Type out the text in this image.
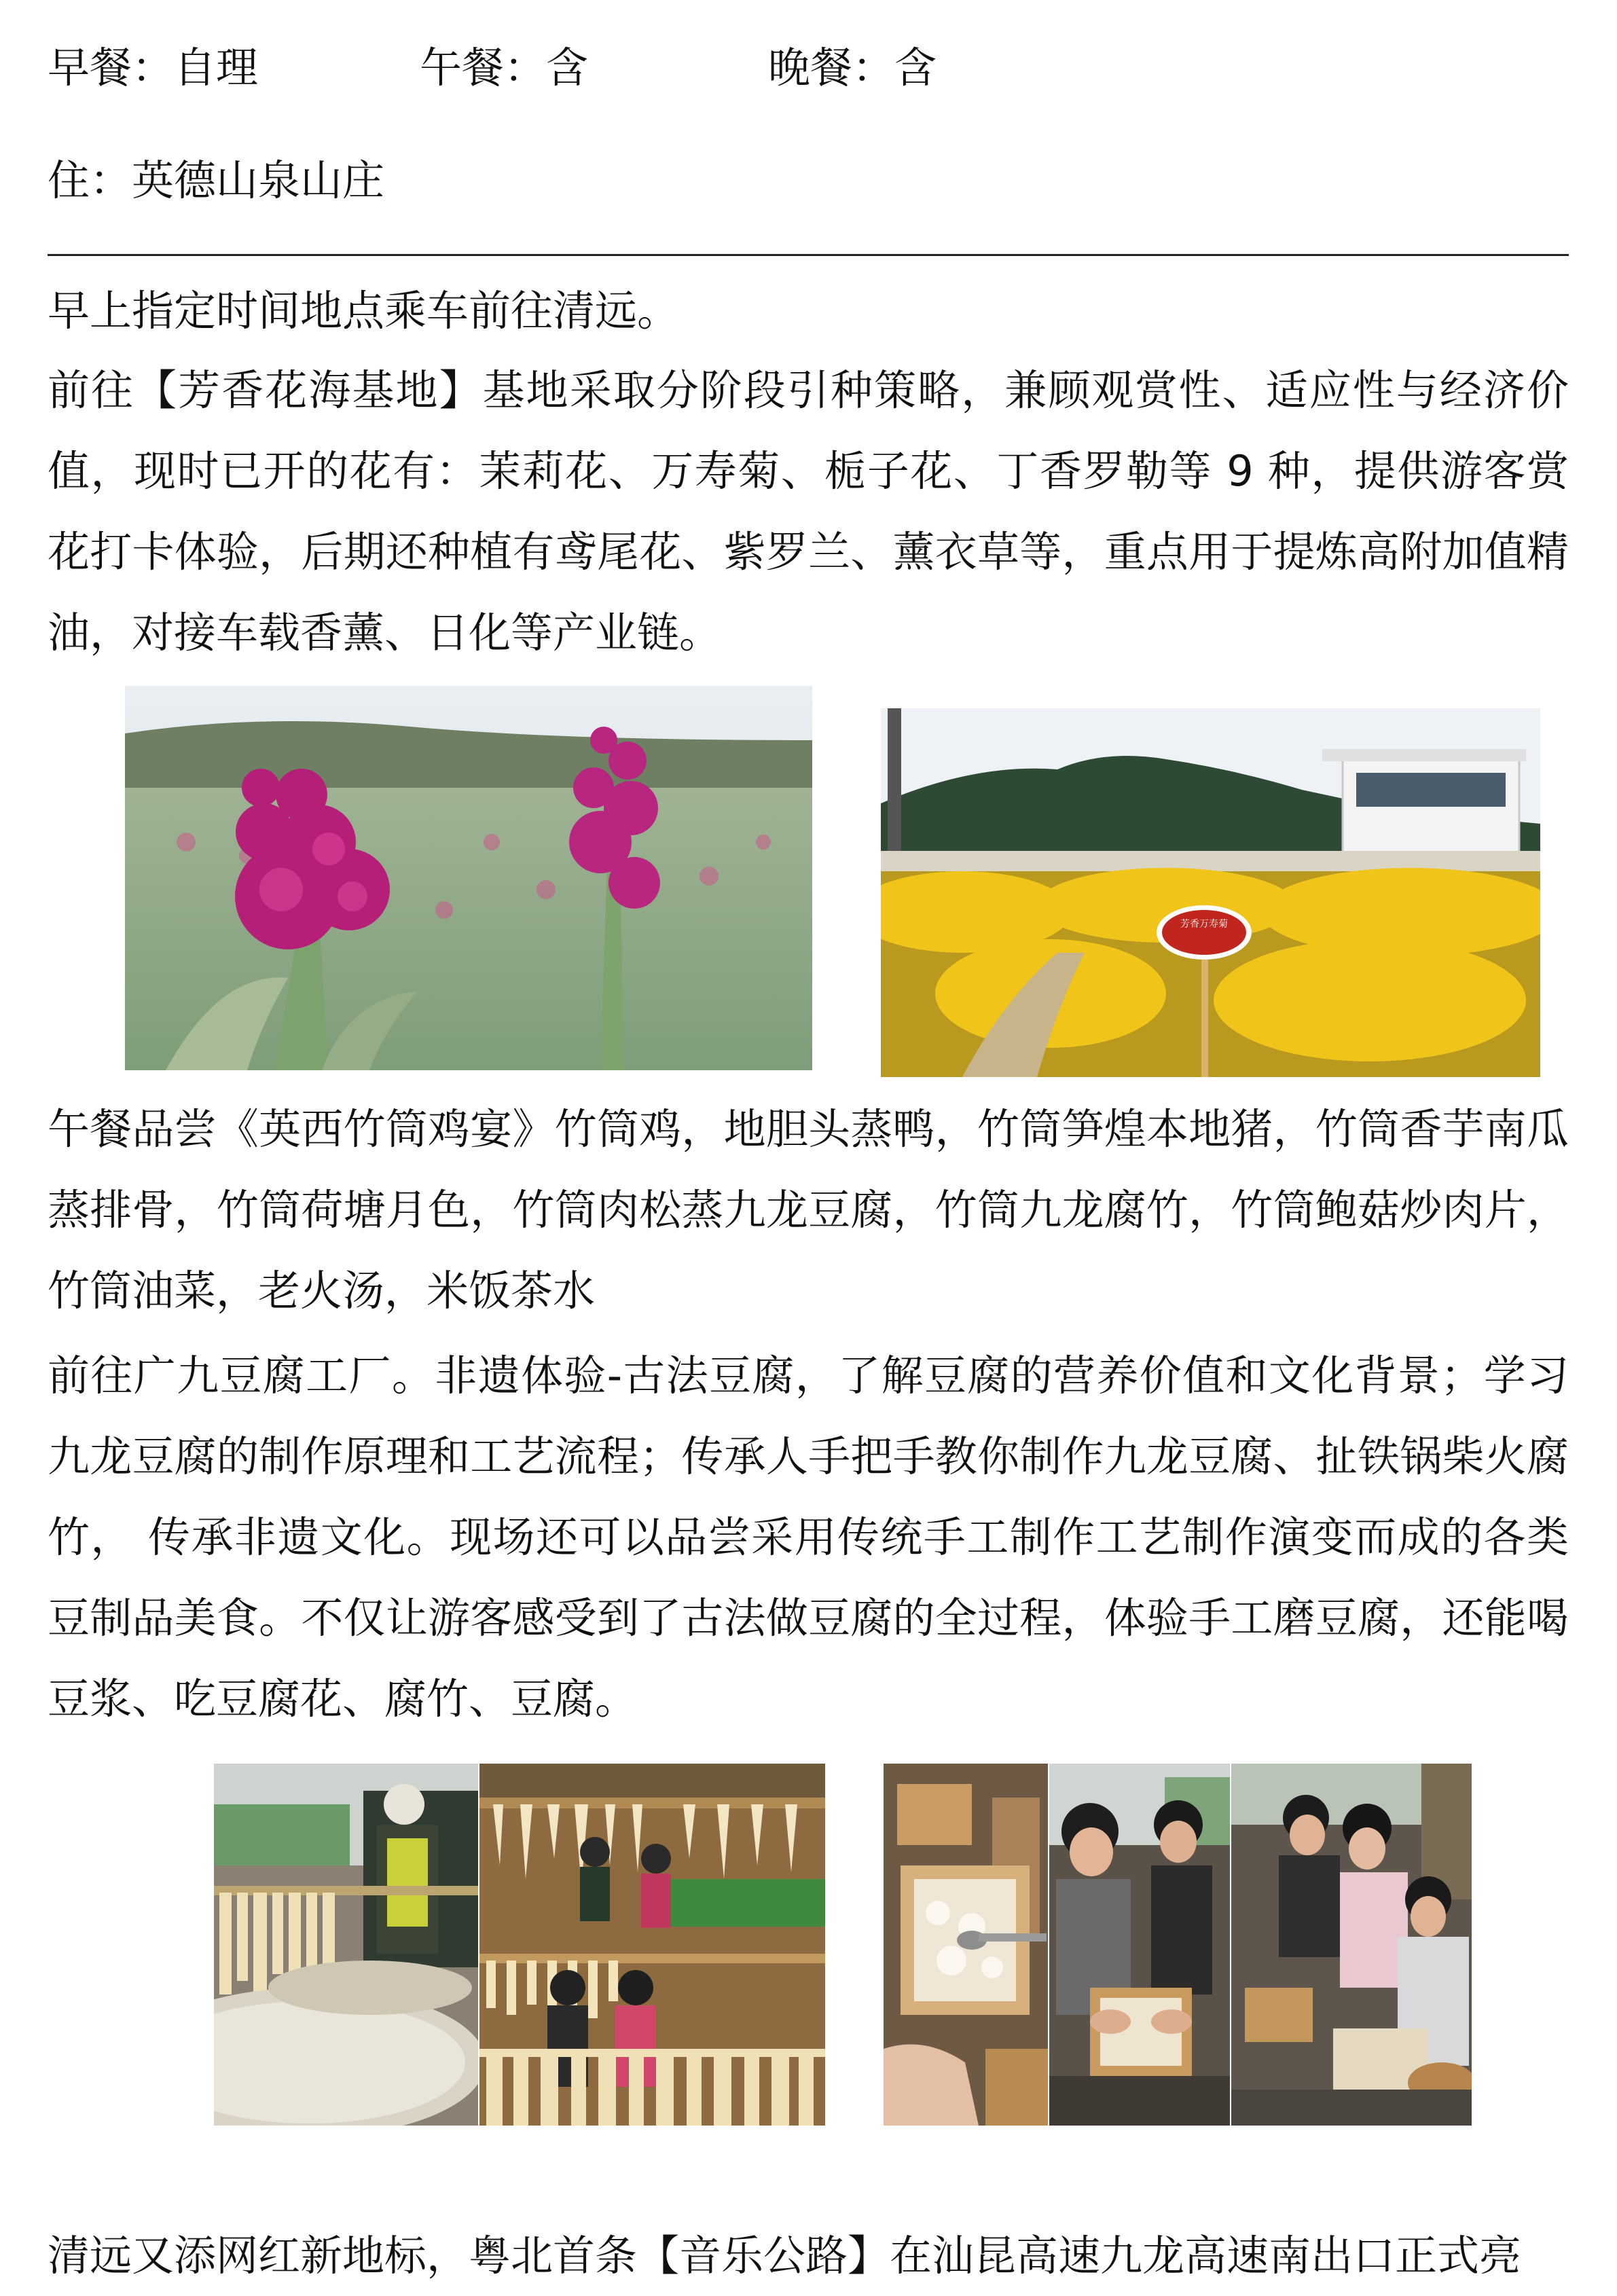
早餐：自理	午餐：含	晚餐：含
住：英德山泉山庄

早上指定时间地点乘车前往清远。

前往【芳香花海基地】基地采取分阶段引种策略，兼顾观赏性、适应性与经济价值，现时已开的花有：茉莉花、万寿菊、栀子花、丁香罗勒等 9 种，提供游客赏花打卡体验，后期还种植有鸢尾花、紫罗兰、薰衣草等，重点用于提炼高附加值精油，对接车载香薰、日化等产业链。

芳香万寿菊

午餐品尝《英西竹筒鸡宴》竹筒鸡，地胆头蒸鸭，竹筒笋煌本地猪，竹筒香芋南瓜蒸排骨，竹筒荷塘月色，竹筒肉松蒸九龙豆腐，竹筒九龙腐竹，竹筒鲍菇炒肉片，竹筒油菜，老火汤，米饭茶水

前往广九豆腐工厂。非遗体验-古法豆腐，了解豆腐的营养价值和文化背景；学习九龙豆腐的制作原理和工艺流程；传承人手把手教你制作九龙豆腐、扯铁锅柴火腐竹， 传承非遗文化。现场还可以品尝采用传统手工制作工艺制作演变而成的各类豆制品美食。不仅让游客感受到了古法做豆腐的全过程，体验手工磨豆腐，还能喝豆浆、吃豆腐花、腐竹、豆腐。

清远又添网红新地标，粤北首条【音乐公路】在汕昆高速九龙高速南出口正式亮
